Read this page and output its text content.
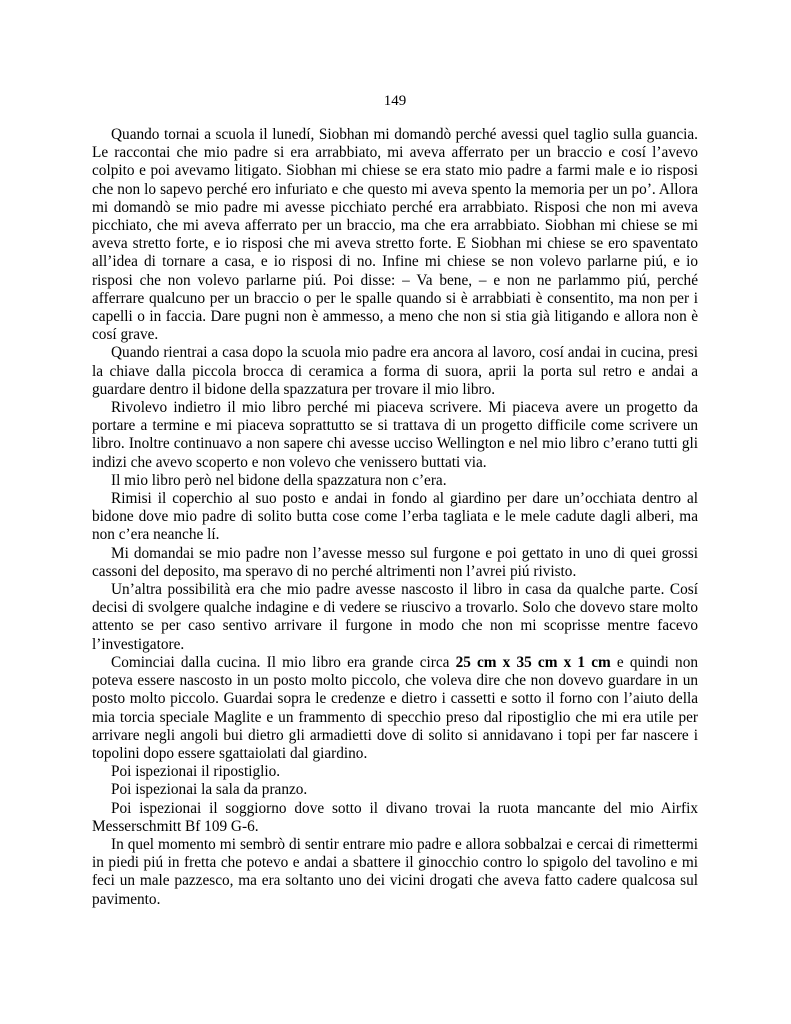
149

Quando tornai a scuola il lunedí, Siobhan mi domandò perché avessi quel taglio sulla guancia. Le raccontai che mio padre si era arrabbiato, mi aveva afferrato per un braccio e cosí l’avevo colpito e poi avevamo litigato. Siobhan mi chiese se era stato mio padre a farmi male e io risposi che non lo sapevo perché ero infuriato e che questo mi aveva spento la memoria per un po’. Allora mi domandò se mio padre mi avesse picchiato perché era arrabbiato. Risposi che non mi aveva picchiato, che mi aveva afferrato per un braccio, ma che era arrabbiato. Siobhan mi chiese se mi aveva stretto forte, e io risposi che mi aveva stretto forte. E Siobhan mi chiese se ero spaventato all’idea di tornare a casa, e io risposi di no. Infine mi chiese se non volevo parlarne piú, e io risposi che non volevo parlarne piú. Poi disse: – Va bene, – e non ne parlammo piú, perché afferrare qualcuno per un braccio o per le spalle quando si è arrabbiati è consentito, ma non per i capelli o in faccia. Dare pugni non è ammesso, a meno che non si stia già litigando e allora non è cosí grave.

Quando rientrai a casa dopo la scuola mio padre era ancora al lavoro, cosí andai in cucina, presi la chiave dalla piccola brocca di ceramica a forma di suora, aprii la porta sul retro e andai a guardare dentro il bidone della spazzatura per trovare il mio libro.

Rivolevo indietro il mio libro perché mi piaceva scrivere. Mi piaceva avere un progetto da portare a termine e mi piaceva soprattutto se si trattava di un progetto difficile come scrivere un libro. Inoltre continuavo a non sapere chi avesse ucciso Wellington e nel mio libro c’erano tutti gli indizi che avevo scoperto e non volevo che venissero buttati via.

Il mio libro però nel bidone della spazzatura non c’era.

Rimisi il coperchio al suo posto e andai in fondo al giardino per dare un’occhiata dentro al bidone dove mio padre di solito butta cose come l’erba tagliata e le mele cadute dagli alberi, ma non c’era neanche lí.

Mi domandai se mio padre non l’avesse messo sul furgone e poi gettato in uno di quei grossi cassoni del deposito, ma speravo di no perché altrimenti non l’avrei piú rivisto.

Un’altra possibilità era che mio padre avesse nascosto il libro in casa da qualche parte. Cosí decisi di svolgere qualche indagine e di vedere se riuscivo a trovarlo. Solo che dovevo stare molto attento se per caso sentivo arrivare il furgone in modo che non mi scoprisse mentre facevo l’investigatore.

Cominciai dalla cucina. Il mio libro era grande circa 25 cm x 35 cm x 1 cm e quindi non poteva essere nascosto in un posto molto piccolo, che voleva dire che non dovevo guardare in un posto molto piccolo. Guardai sopra le credenze e dietro i cassetti e sotto il forno con l’aiuto della mia torcia speciale Maglite e un frammento di specchio preso dal ripostiglio che mi era utile per arrivare negli angoli bui dietro gli armadietti dove di solito si annidavano i topi per far nascere i topolini dopo essere sgattaiolati dal giardino.

Poi ispezionai il ripostiglio.

Poi ispezionai la sala da pranzo.

Poi ispezionai il soggiorno dove sotto il divano trovai la ruota mancante del mio Airfix Messerschmitt Bf 109 G-6.

In quel momento mi sembrò di sentir entrare mio padre e allora sobbalzai e cercai di rimettermi in piedi piú in fretta che potevo e andai a sbattere il ginocchio contro lo spigolo del tavolino e mi feci un male pazzesco, ma era soltanto uno dei vicini drogati che aveva fatto cadere qualcosa sul pavimento.
